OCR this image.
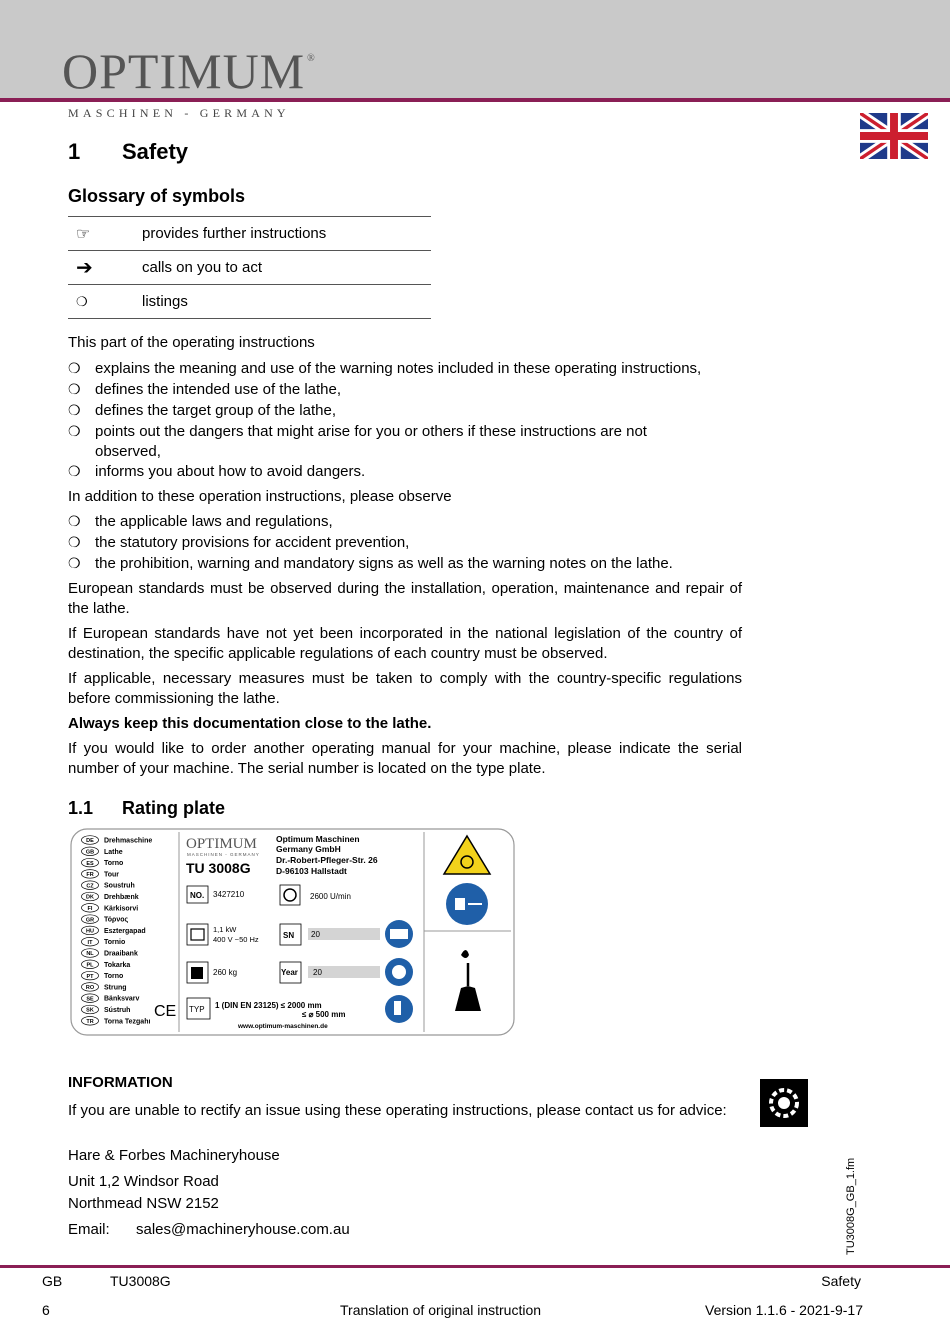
OPTIMUM ®
MASCHINEN - GERMANY
1 Safety
Glossary of symbols
☞	provides further instructions
➔	calls on you to act
❍	listings
This part of the operating instructions
❍ explains the meaning and use of the warning notes included in these operating instructions,
❍ defines the intended use of the lathe,
❍ defines the target group of the lathe,
❍ points out the dangers that might arise for you or others if these instructions are not observed,
❍ informs you about how to avoid dangers.
In addition to these operation instructions, please observe
❍ the applicable laws and regulations,
❍ the statutory provisions for accident prevention,
❍ the prohibition, warning and mandatory signs as well as the warning notes on the lathe.
European standards must be observed during the installation, operation, maintenance and repair of the lathe.
If European standards have not yet been incorporated in the national legislation of the country of destination, the specific applicable regulations of each country must be observed.
If applicable, necessary measures must be taken to comply with the country-specific regulations before commissioning the lathe.
Always keep this documentation close to the lathe.
If you would like to order another operating manual for your machine, please indicate the serial number of your machine. The serial number is located on the type plate.
1.1 Rating plate
DE Drehmaschine
GB Lathe
ES Torno
FR Tour
CZ Soustruh
DK Drehbænk
FI Kärkisorvi
GR Τόρνος
HU Esztergapad
IT Tornio
NL Draaibank
PL Tokarka
PT Torno
RO Strung
SE Bänksvarv
SK Sústruh
TR Torna Tezgahı
OPTIMUM
MASCHINEN - GERMANY
TU 3008G
Optimum Maschinen
Germany GmbH
Dr.-Robert-Pfleger-Str. 26
D-96103 Hallstadt
NO. 3427210	2600 U/min
1,1 kW
400 V ~50 Hz	SN 20
260 kg	Year 20
TYP 1 (DIN EN 23125) ≤ 2000 mm
≤ ⌀ 500 mm
CE
www.optimum-maschinen.de
INFORMATION
If you are unable to rectify an issue using these operating instructions, please contact us for advice:
Hare & Forbes Machineryhouse
Unit 1,2 Windsor Road
Northmead NSW 2152
Email: sales@machineryhouse.com.au	TU3008G_GB_1.fm
GB	TU3008G	Safety
6	Translation of original instruction	Version 1.1.6 - 2021-9-17
